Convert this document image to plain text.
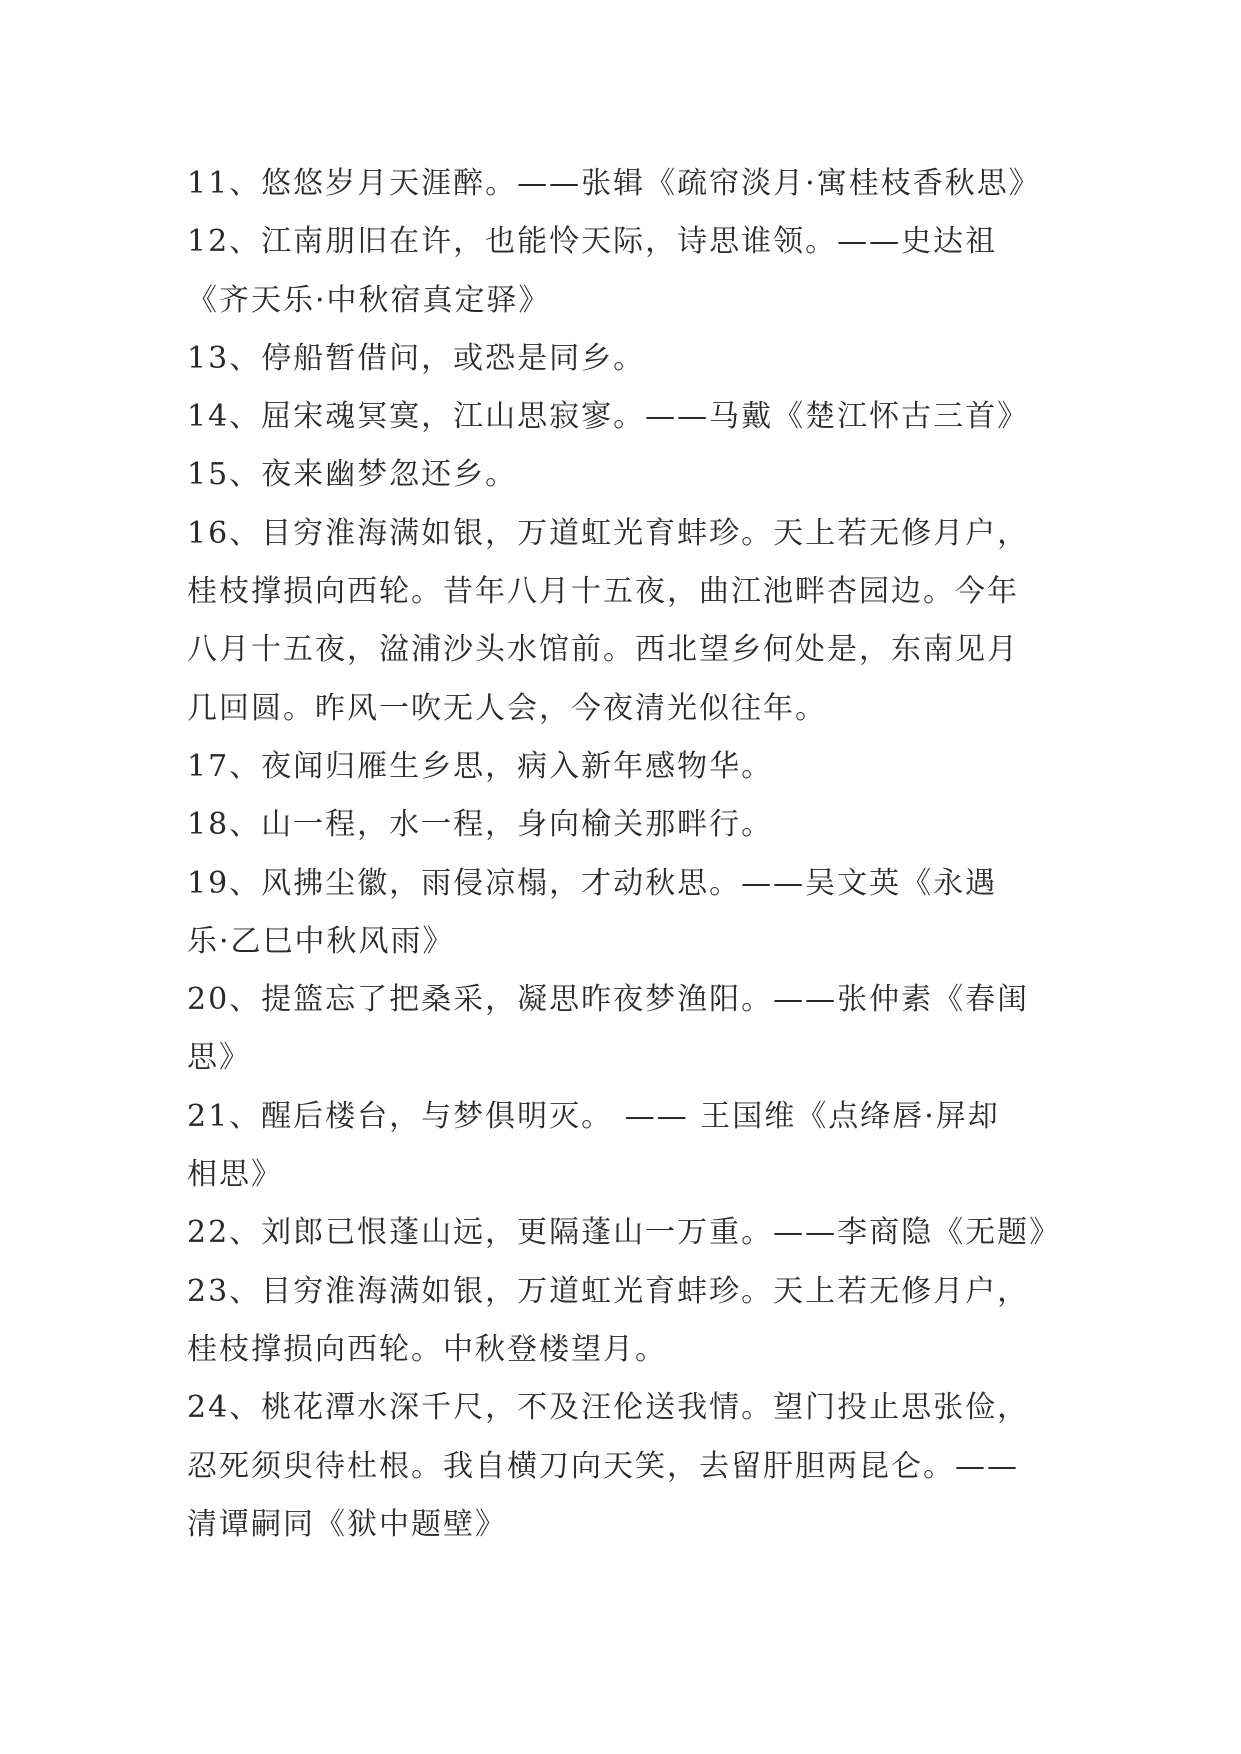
11、悠悠岁月天涯醉。——张辑《疏帘淡月·寓桂枝香秋思》
12、江南朋旧在许，也能怜天际，诗思谁领。——史达祖
《齐天乐·中秋宿真定驿》
13、停船暂借问，或恐是同乡。
14、屈宋魂冥寞，江山思寂寥。——马戴《楚江怀古三首》
15、夜来幽梦忽还乡。
16、目穷淮海满如银，万道虹光育蚌珍。天上若无修月户，
桂枝撑损向西轮。昔年八月十五夜，曲江池畔杏园边。今年
八月十五夜，湓浦沙头水馆前。西北望乡何处是，东南见月
几回圆。昨风一吹无人会，今夜清光似往年。
17、夜闻归雁生乡思，病入新年感物华。
18、山一程，水一程，身向榆关那畔行。
19、风拂尘徽，雨侵凉榻，才动秋思。——吴文英《永遇
乐·乙巳中秋风雨》
20、提篮忘了把桑采，凝思昨夜梦渔阳。——张仲素《春闺
思》
21、醒后楼台，与梦俱明灭。 —— 王国维《点绛唇·屏却
相思》
22、刘郎已恨蓬山远，更隔蓬山一万重。——李商隐《无题》
23、目穷淮海满如银，万道虹光育蚌珍。天上若无修月户，
桂枝撑损向西轮。中秋登楼望月。
24、桃花潭水深千尺，不及汪伦送我情。望门投止思张俭，
忍死须臾待杜根。我自横刀向天笑，去留肝胆两昆仑。——
清谭嗣同《狱中题壁》
